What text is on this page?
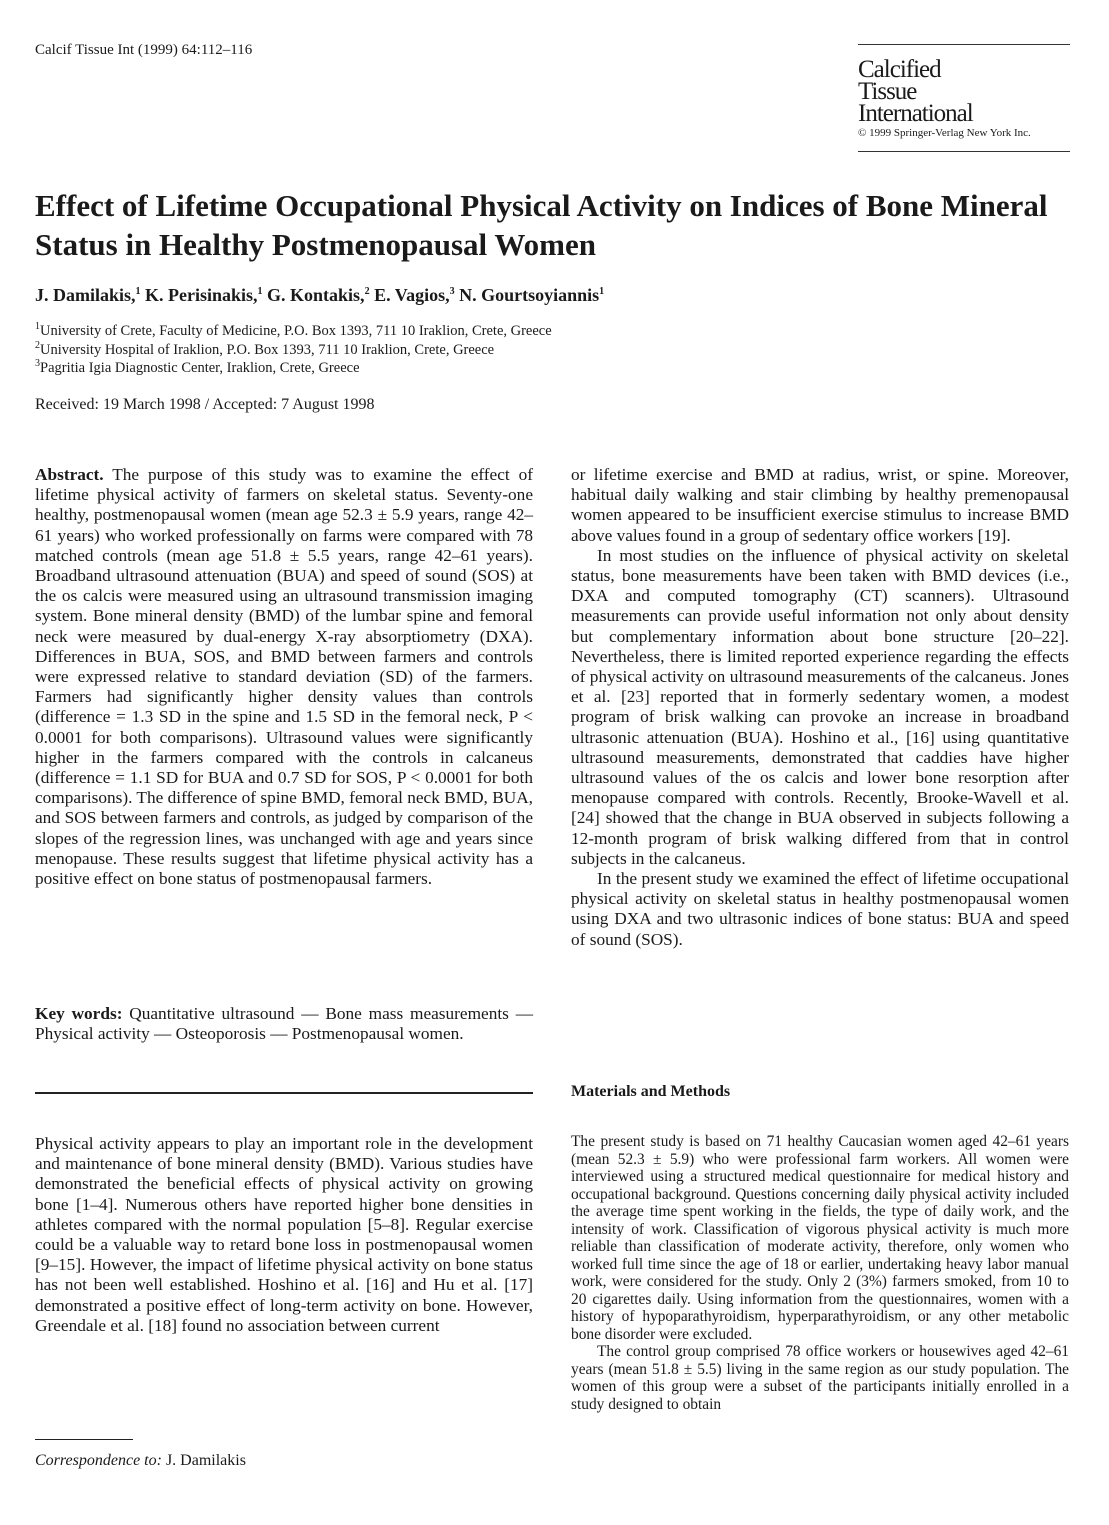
Calcif Tissue Int (1999) 64:112–116
Calcified
Tissue
International
© 1999 Springer-Verlag New York Inc.
Effect of Lifetime Occupational Physical Activity on Indices of Bone Mineral Status in Healthy Postmenopausal Women
J. Damilakis,$^1$ K. Perisinakis,$^1$ G. Kontakis,$^2$ E. Vagios,$^3$ N. Gourtsoyiannis$^1$
$^1$University of Crete, Faculty of Medicine, P.O. Box 1393, 711 10 Iraklion, Crete, Greece
$^2$University Hospital of Iraklion, P.O. Box 1393, 711 10 Iraklion, Crete, Greece
$^3$Pagritia Igia Diagnostic Center, Iraklion, Crete, Greece
Received: 19 March 1998 / Accepted: 7 August 1998

Abstract. The purpose of this study was to examine the effect of lifetime physical activity of farmers on skeletal status. Seventy-one healthy, postmenopausal women (mean age 52.3 ± 5.9 years, range 42–61 years) who worked professionally on farms were compared with 78 matched controls (mean age 51.8 ± 5.5 years, range 42–61 years). Broadband ultrasound attenuation (BUA) and speed of sound (SOS) at the os calcis were measured using an ultrasound transmission imaging system. Bone mineral density (BMD) of the lumbar spine and femoral neck were measured by dual-energy X-ray absorptiometry (DXA). Differences in BUA, SOS, and BMD between farmers and controls were expressed relative to standard deviation (SD) of the farmers. Farmers had significantly higher density values than controls (difference = 1.3 SD in the spine and 1.5 SD in the femoral neck, P < 0.0001 for both comparisons). Ultrasound values were significantly higher in the farmers compared with the controls in calcaneus (difference = 1.1 SD for BUA and 0.7 SD for SOS, P < 0.0001 for both comparisons). The difference of spine BMD, femoral neck BMD, BUA, and SOS between farmers and controls, as judged by comparison of the slopes of the regression lines, was unchanged with age and years since menopause. These results suggest that lifetime physical activity has a positive effect on bone status of postmenopausal farmers.

Key words: Quantitative ultrasound — Bone mass measurements — Physical activity — Osteoporosis — Postmenopausal women.

Physical activity appears to play an important role in the development and maintenance of bone mineral density (BMD). Various studies have demonstrated the beneficial effects of physical activity on growing bone [1–4]. Numerous others have reported higher bone densities in athletes compared with the normal population [5–8]. Regular exercise could be a valuable way to retard bone loss in postmenopausal women [9–15]. However, the impact of lifetime physical activity on bone status has not been well established. Hoshino et al. [16] and Hu et al. [17] demonstrated a positive effect of long-term activity on bone. However, Greendale et al. [18] found no association between current

or lifetime exercise and BMD at radius, wrist, or spine. Moreover, habitual daily walking and stair climbing by healthy premenopausal women appeared to be insufficient exercise stimulus to increase BMD above values found in a group of sedentary office workers [19].

In most studies on the influence of physical activity on skeletal status, bone measurements have been taken with BMD devices (i.e., DXA and computed tomography (CT) scanners). Ultrasound measurements can provide useful information not only about density but complementary information about bone structure [20–22]. Nevertheless, there is limited reported experience regarding the effects of physical activity on ultrasound measurements of the calcaneus. Jones et al. [23] reported that in formerly sedentary women, a modest program of brisk walking can provoke an increase in broadband ultrasonic attenuation (BUA). Hoshino et al., [16] using quantitative ultrasound measurements, demonstrated that caddies have higher ultrasound values of the os calcis and lower bone resorption after menopause compared with controls. Recently, Brooke-Wavell et al. [24] showed that the change in BUA observed in subjects following a 12-month program of brisk walking differed from that in control subjects in the calcaneus.

In the present study we examined the effect of lifetime occupational physical activity on skeletal status in healthy postmenopausal women using DXA and two ultrasonic indices of bone status: BUA and speed of sound (SOS).

Materials and Methods

The present study is based on 71 healthy Caucasian women aged 42–61 years (mean 52.3 ± 5.9) who were professional farm workers. All women were interviewed using a structured medical questionnaire for medical history and occupational background. Questions concerning daily physical activity included the average time spent working in the fields, the type of daily work, and the intensity of work. Classification of vigorous physical activity is much more reliable than classification of moderate activity, therefore, only women who worked full time since the age of 18 or earlier, undertaking heavy labor manual work, were considered for the study. Only 2 (3%) farmers smoked, from 10 to 20 cigarettes daily. Using information from the questionnaires, women with a history of hypoparathyroidism, hyperparathyroidism, or any other metabolic bone disorder were excluded.

The control group comprised 78 office workers or housewives aged 42–61 years (mean 51.8 ± 5.5) living in the same region as our study population. The women of this group were a subset of the participants initially enrolled in a study designed to obtain

Correspondence to: J. Damilakis
